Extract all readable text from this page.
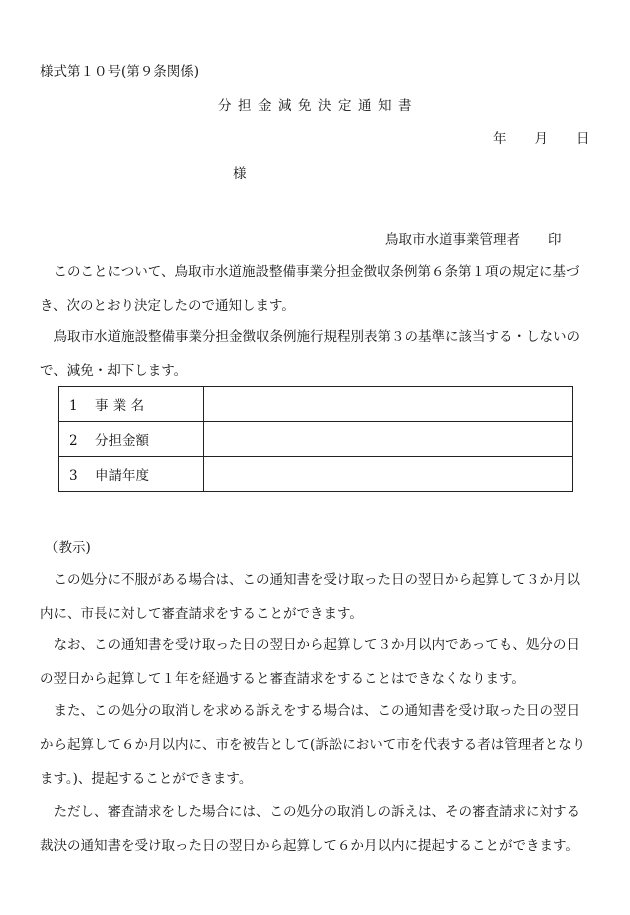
様式第１０号(第９条関係)
分担金減免決定通知書
年 月 日
様
鳥取市水道事業管理者 印
　このことについて、鳥取市水道施設整備事業分担金徴収条例第６条第１項の規定に基づ
き、次のとおり決定したので通知します。
　鳥取市水道施設整備事業分担金徴収条例施行規程別表第３の基準に該当する・しないの
で、減免・却下します。
1 事 業 名	
2 分担金額	
3 申請年度	
（教示)
　この処分に不服がある場合は、この通知書を受け取った日の翌日から起算して３か月以
内に、市長に対して審査請求をすることができます。
　なお、この通知書を受け取った日の翌日から起算して３か月以内であっても、処分の日
の翌日から起算して１年を経過すると審査請求をすることはできなくなります。
　また、この処分の取消しを求める訴えをする場合は、この通知書を受け取った日の翌日
から起算して６か月以内に、市を被告として(訴訟において市を代表する者は管理者となり
ます。)、提起することができます。
　ただし、審査請求をした場合には、この処分の取消しの訴えは、その審査請求に対する
裁決の通知書を受け取った日の翌日から起算して６か月以内に提起することができます。
